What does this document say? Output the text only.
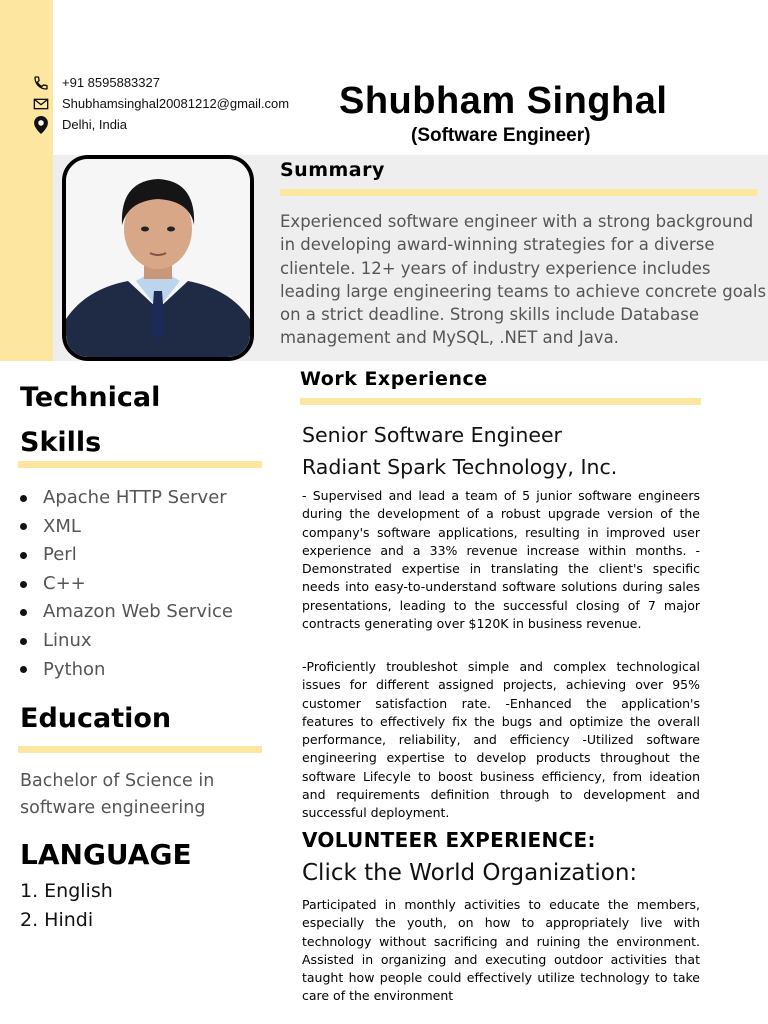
+91 8595883327
Shubhamsinghal20081212@gmail.com
Delhi, India
Shubham Singhal
(Software Engineer)
Summary
Experienced software engineer with a strong background in developing award-winning strategies for a diverse clientele. 12+ years of industry experience includes leading large engineering teams to achieve concrete goals on a strict deadline. Strong skills include Database management and MySQL, .NET and Java.
Technical
Skills
Apache HTTP Server
XML
Perl
C++
Amazon Web Service
Linux
Python
Education
Bachelor of Science in software engineering
LANGUAGE
1. English
2. Hindi
Work Experience
Senior Software Engineer
Radiant Spark Technology, Inc.
- Supervised and lead a team of 5 junior software engineers during the development of a robust upgrade version of the company's software applications, resulting in improved user experience and a 33% revenue increase within months. -Demonstrated expertise in translating the client's specific needs into easy-to-understand software solutions during sales presentations, leading to the successful closing of 7 major contracts generating over $120K in business revenue.
-Proficiently troubleshot simple and complex technological issues for different assigned projects, achieving over 95% customer satisfaction rate. -Enhanced the application's features to effectively fix the bugs and optimize the overall performance, reliability, and efficiency -Utilized software engineering expertise to develop products throughout the software Lifecyle to boost business efficiency, from ideation and requirements definition through to development and successful deployment.
VOLUNTEER EXPERIENCE:
Click the World Organization:
Participated in monthly activities to educate the members, especially the youth, on how to appropriately live with technology without sacrificing and ruining the environment. Assisted in organizing and executing outdoor activities that taught how people could effectively utilize technology to take care of the environment
